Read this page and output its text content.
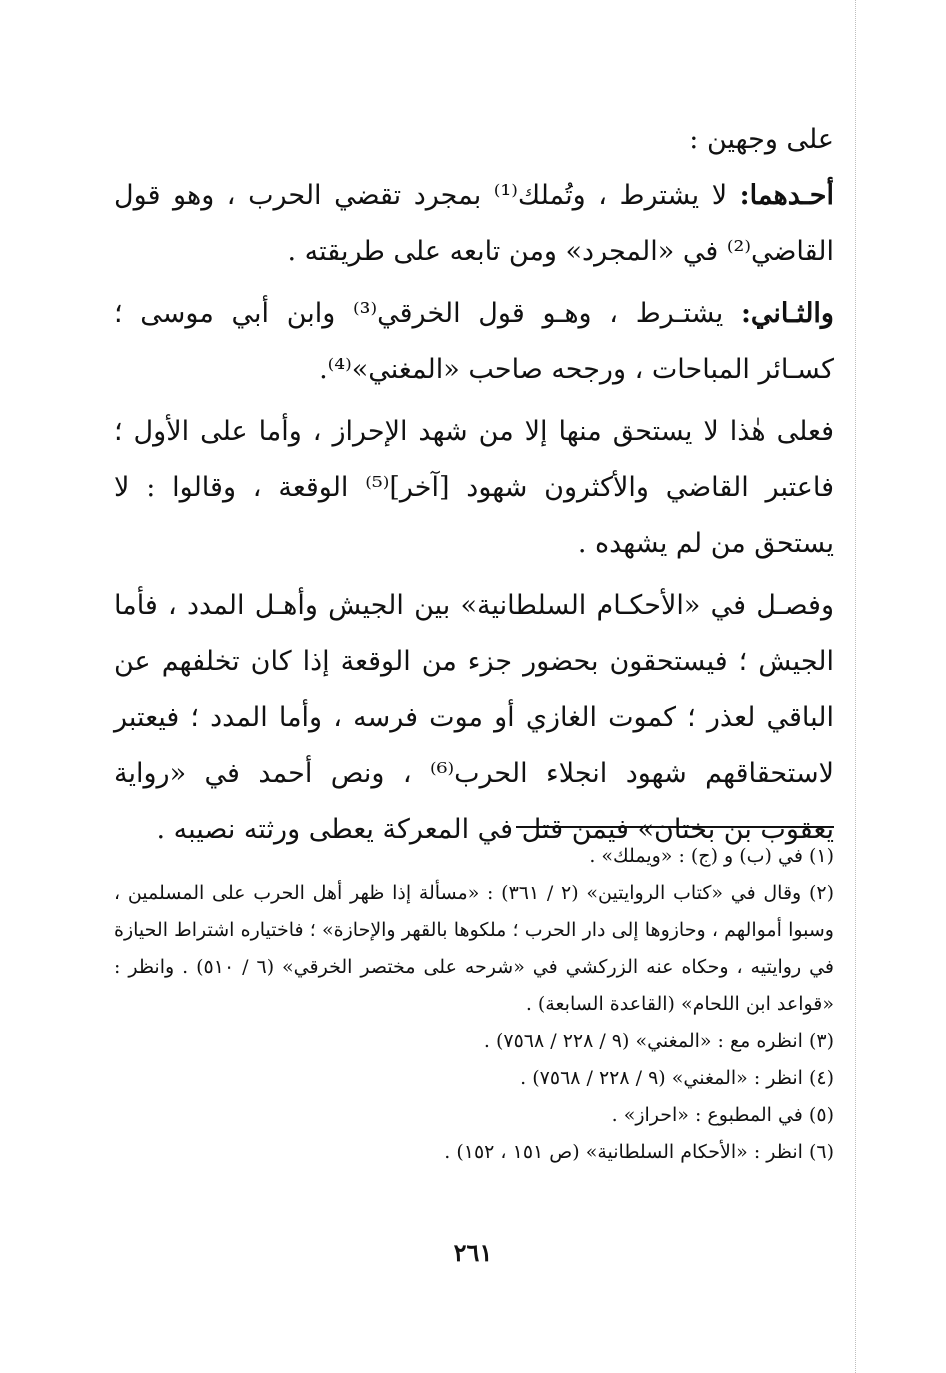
على وجهين :

أحـدهما: لا يشترط ، وتُملك⁽¹⁾ بمجرد تقضي الحرب ، وهو قول القاضي⁽²⁾ في «المجرد» ومن تابعه على طريقته .

والثـاني: يشتـرط ، وهـو قول الخرقي⁽³⁾ وابن أبي موسى ؛ كسـائر المباحات ، ورجحه صاحب «المغني»⁽⁴⁾.

فعلى هٰذا لا يستحق منها إلا من شهد الإحراز ، وأما على الأول ؛ فاعتبر القاضي والأكثرون شهود [آخر]⁽⁵⁾ الوقعة ، وقالوا : لا يستحق من لم يشهده .

وفصـل في «الأحكـام السلطانية» بين الجيش وأهـل المدد ، فأما الجيش ؛ فيستحقون بحضور جزء من الوقعة إذا كان تخلفهم عن الباقي لعذر ؛ كموت الغازي أو موت فرسه ، وأما المدد ؛ فيعتبر لاستحقاقهم شهود انجلاء الحرب⁽⁶⁾ ، ونص أحمد في «رواية يعقوب بن بختان» فيمن قتل في المعركة يعطى ورثته نصيبه .

(١) في (ب) و (ج) : «ويملك» .

(٢) وقال في «كتاب الروايتين» (٢ / ٣٦١) : «مسألة إذا ظهر أهل الحرب على المسلمين ، وسبوا أموالهم ، وحازوها إلى دار الحرب ؛ ملكوها بالقهر والإحازة» ؛ فاختياره اشتراط الحيازة في روايتيه ، وحكاه عنه الزركشي في «شرحه على مختصر الخرقي» (٦ / ٥١٠) . وانظر : «قواعد ابن اللحام» (القاعدة السابعة) .

(٣) انظره مع : «المغني» (٩ / ٢٢٨ / ٧٥٦٨) .

(٤) انظر : «المغني» (٩ / ٢٢٨ / ٧٥٦٨) .

(٥) في المطبوع : «احراز» .

(٦) انظر : «الأحكام السلطانية» (ص ١٥١ ، ١٥٢) .

٢٦١
